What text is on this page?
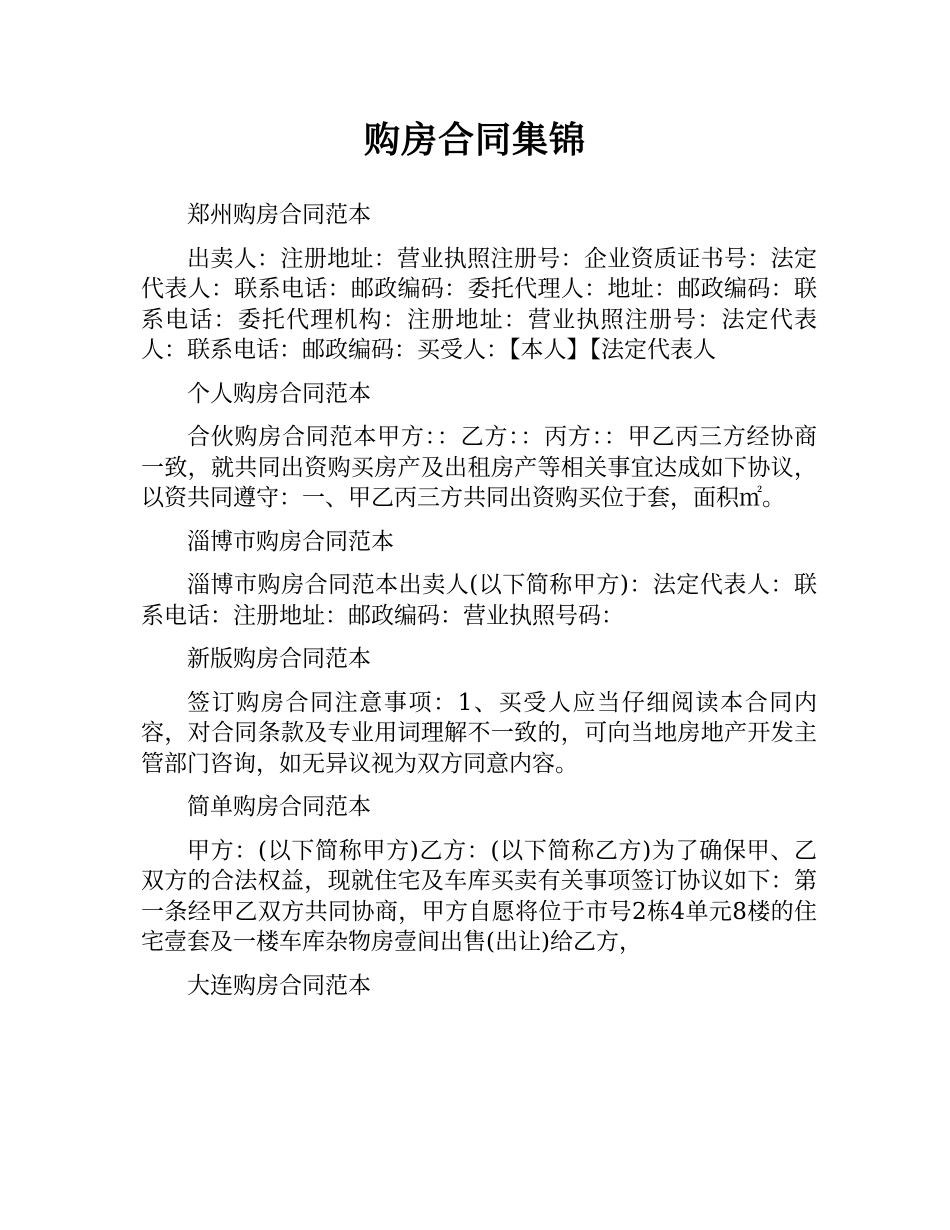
购房合同集锦

郑州购房合同范本

出卖人：注册地址：营业执照注册号：企业资质证书号：法定代表人：联系电话：邮政编码：委托代理人：地址：邮政编码：联系电话：委托代理机构：注册地址：营业执照注册号：法定代表人：联系电话：邮政编码：买受人：【本人】【法定代表人

个人购房合同范本

合伙购房合同范本甲方：：乙方：：丙方：：甲乙丙三方经协商一致，就共同出资购买房产及出租房产等相关事宜达成如下协议，以资共同遵守：一、甲乙丙三方共同出资购买位于套，面积㎡。

淄博市购房合同范本

淄博市购房合同范本出卖人(以下简称甲方)：法定代表人：联系电话：注册地址：邮政编码：营业执照号码：

新版购房合同范本

签订购房合同注意事项：1、买受人应当仔细阅读本合同内容，对合同条款及专业用词理解不一致的，可向当地房地产开发主管部门咨询，如无异议视为双方同意内容。

简单购房合同范本

甲方：(以下简称甲方)乙方：(以下简称乙方)为了确保甲、乙双方的合法权益，现就住宅及车库买卖有关事项签订协议如下：第一条经甲乙双方共同协商，甲方自愿将位于市号2栋4单元8楼的住宅壹套及一楼车库杂物房壹间出售(出让)给乙方，

大连购房合同范本
